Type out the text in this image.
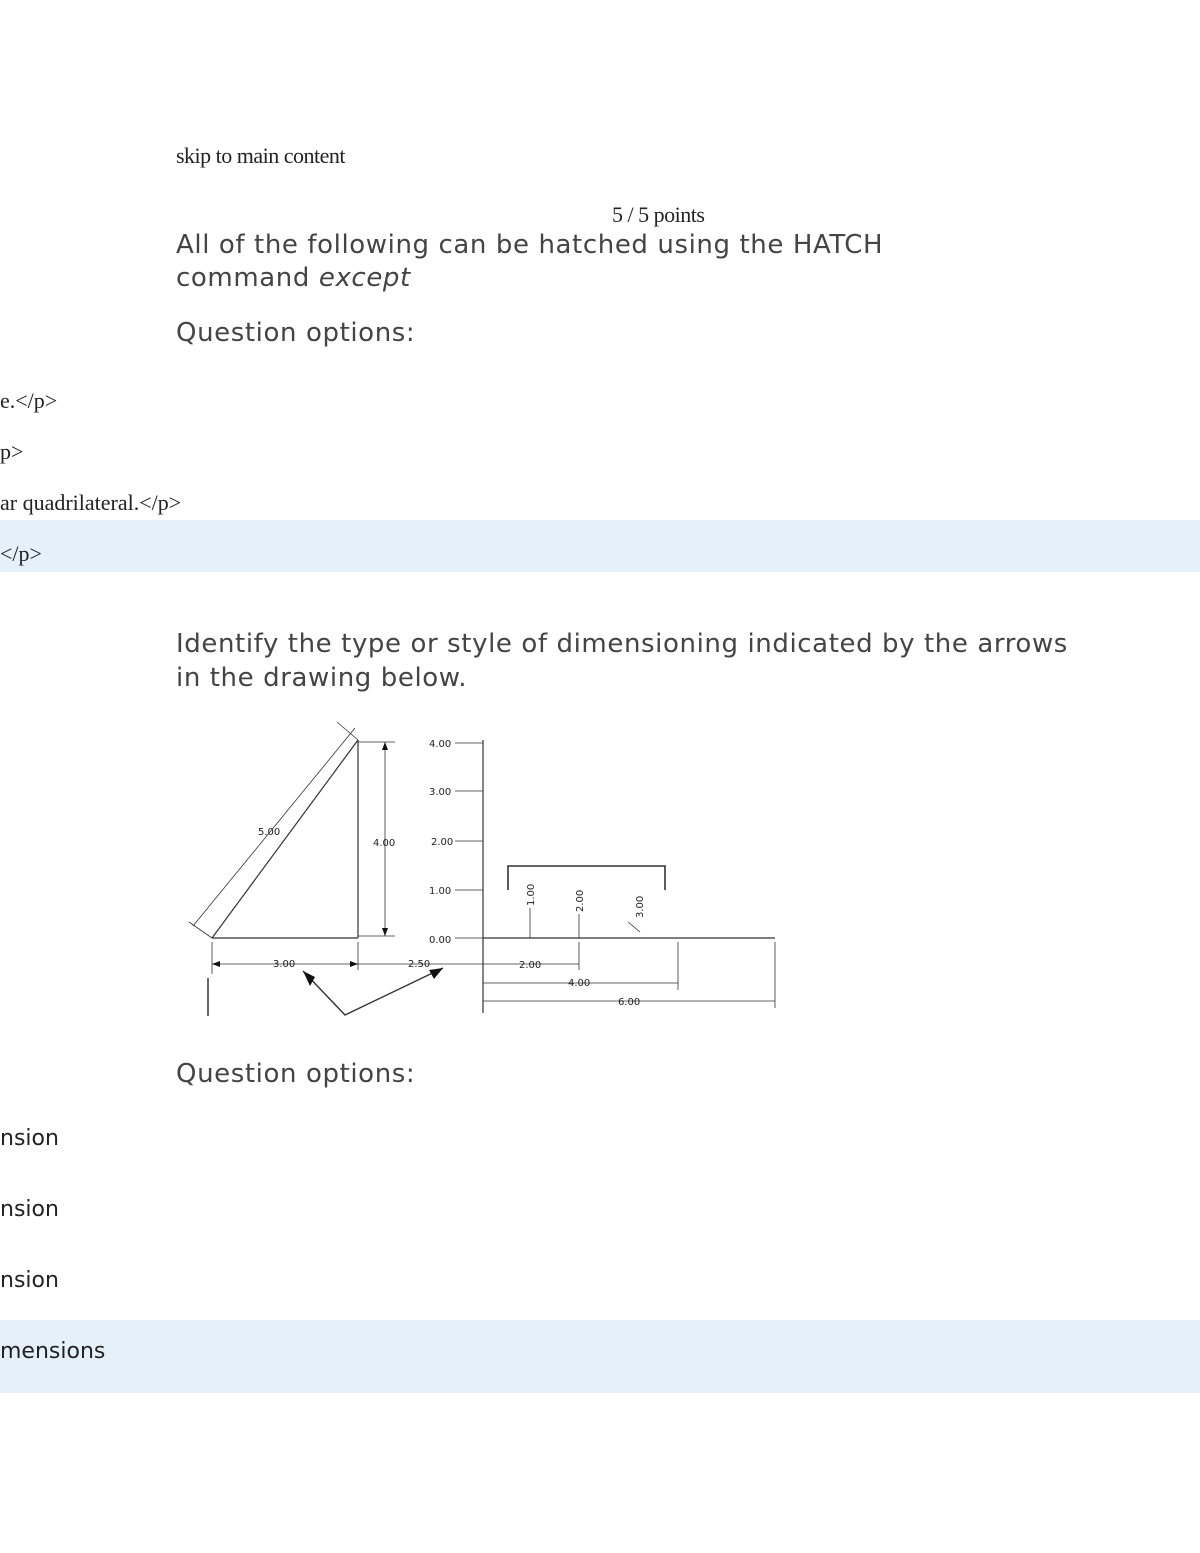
skip to main content
5 / 5 points
All of the following can be hatched using the HATCH command except
Question options:
e.</p>
p>
ar quadrilateral.</p>
</p>
Identify the type or style of dimensioning indicated by the arrows in the drawing below.
5.00
4.00
3.00	2.50
4.00
3.00
2.00
1.00
0.00
1.00	2.00	3.00
2.00
4.00
6.00
Question options:
nsion
nsion
nsion
mensions
